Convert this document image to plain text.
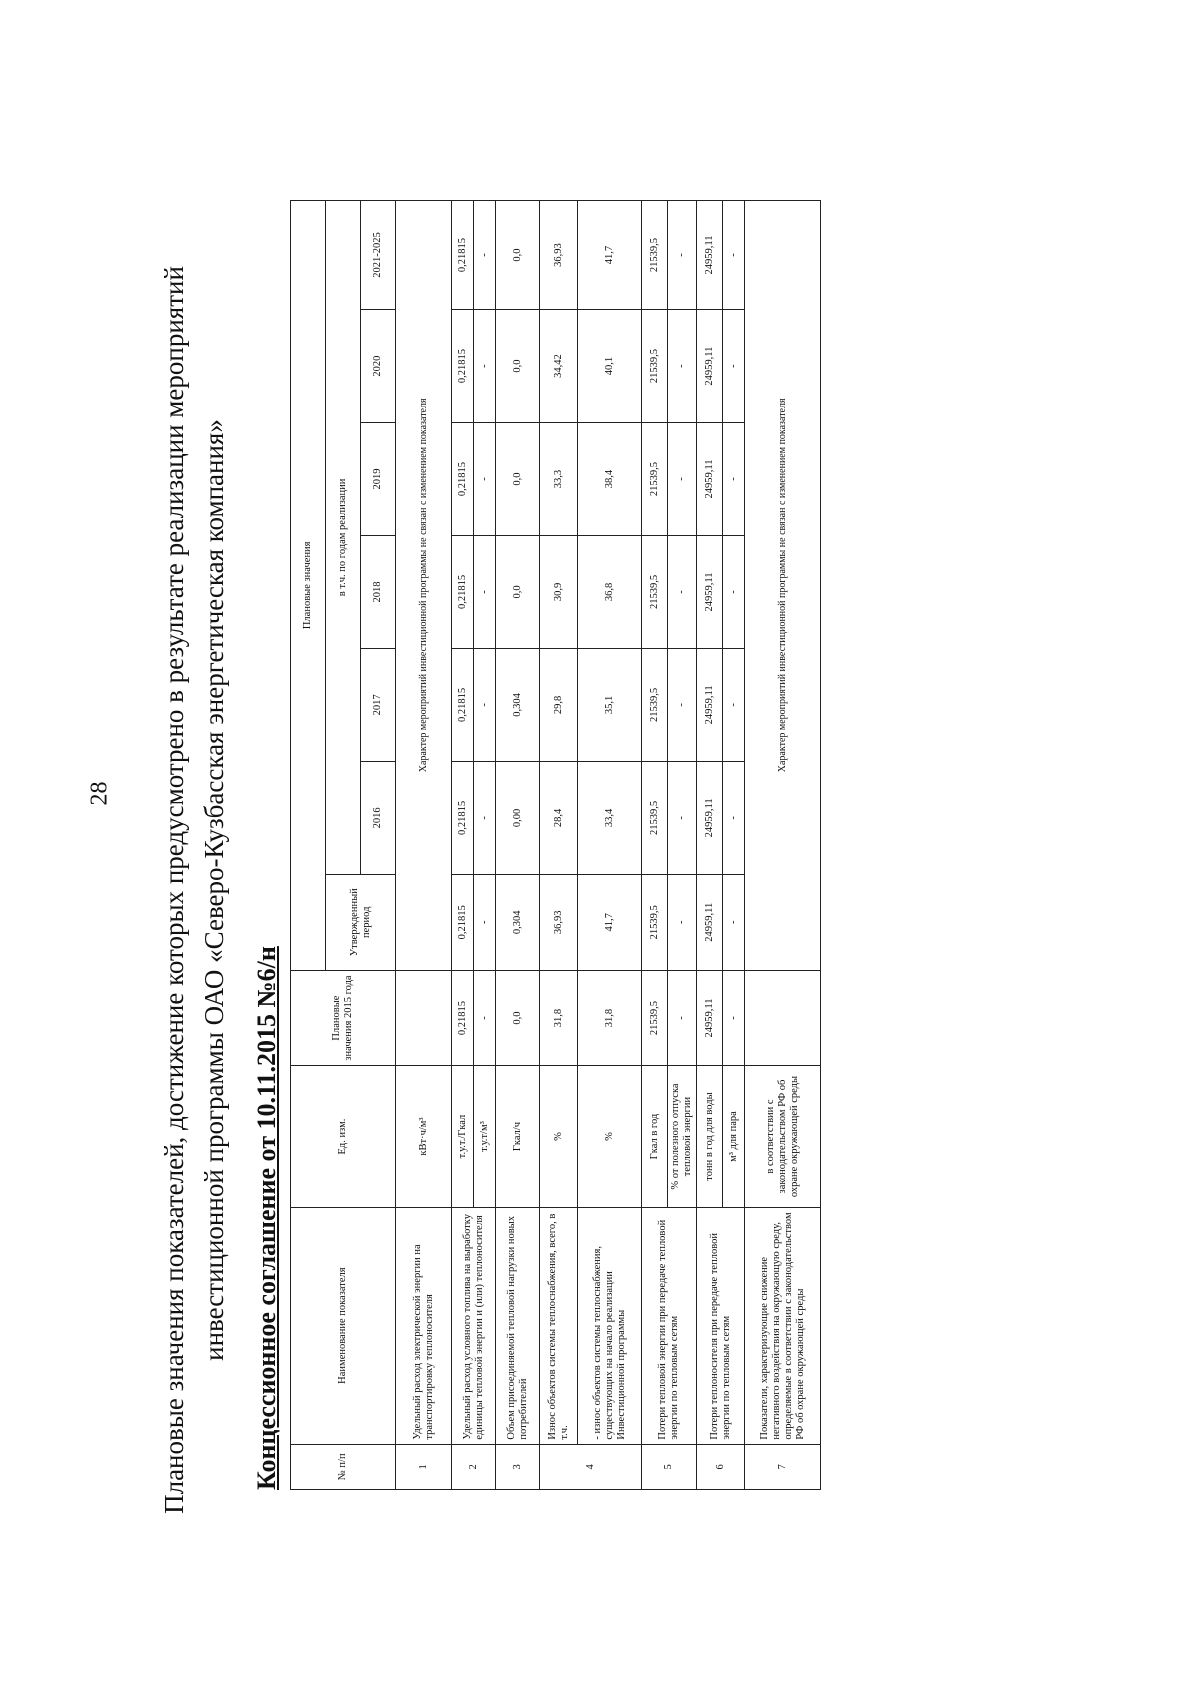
28 Плановые значения показателей, достижение которых предусмотрено в результате реализации мероприятий инвестиционной программы ОАО «Северо-Кузбасская энергетическая компания» Концессионное соглашение от 10.11.2015 №6/н	№ п/п	Наименование показателя	Ед. изм.	Плановые значения 2015 года	Плановые значения						
				Утвержденный период	в т.ч. по годам реализации					
					2016	2017	2018	2019	2020	2021-2025
1	Удельный расход электрической энергии на транспортировку теплоносителя	кВт·ч/м³		Характер мероприятий инвестиционной программы не связан с изменением показателя						
2	Удельный расход условного топлива на выработку единицы тепловой энергии и (или) теплоносителя	т.у.т./Гкал	0,21815	0,21815	0,21815	0,21815	0,21815	0,21815	0,21815	0,21815
		т.у.т/м³	-	-	-	-	-	-	-	-
3	Объем присоединяемой тепловой нагрузки новых потребителей	Гкал/ч	0,0	0,304	0,00	0,304	0,0	0,0	0,0	0,0
4	Износ объектов системы теплоснабжения, всего, в т.ч.	%	31,8	36,93	28,4	29,8	30,9	33,3	34,42	36,93
	- износ объектов системы теплоснабжения, существующих на начало реализации Инвестиционной программы	%	31,8	41,7	33,4	35,1	36,8	38,4	40,1	41,7
5	Потери тепловой энергии при передаче тепловой энергии по тепловым сетям	Гкал в год	21539,5	21539,5	21539,5	21539,5	21539,5	21539,5	21539,5	21539,5
		% от полезного отпуска тепловой энергии	-	-	-	-	-	-	-	-
6	Потери теплоносителя при передаче тепловой энергии по тепловым сетям	тонн в год для воды	24959,11	24959,11	24959,11	24959,11	24959,11	24959,11	24959,11	24959,11
		м³ для пара	-	-	-	-	-	-	-	-
7	Показатели, характеризующие снижение негативного воздействия на окружающую среду, определяемые в соответствии с законодательством РФ об охране окружающей среды	в соответствии с законодательством РФ об охране окружающей среды		Характер мероприятий инвестиционной программы не связан с изменением показателя						
